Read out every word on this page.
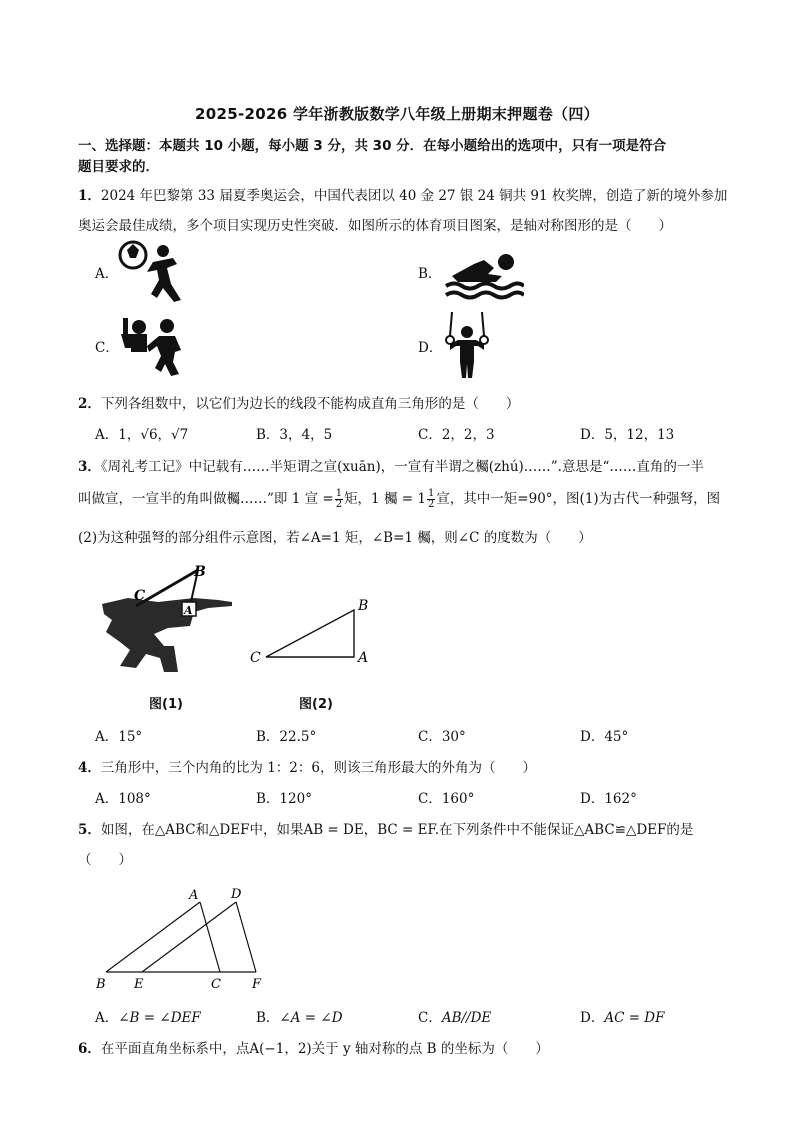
2025-2026 学年浙教版数学八年级上册期末押题卷（四）
一、选择题：本题共 10 小题，每小题 3 分，共 30 分．在每小题给出的选项中，只有一项是符合
题目要求的．
1．2024 年巴黎第 33 届夏季奥运会，中国代表团以 40 金 27 银 24 铜共 91 枚奖牌，创造了新的境外参加
奥运会最佳成绩，多个项目实现历史性突破．如图所示的体育项目图案，是轴对称图形的是（　　）
A．	B．
C．	D．
2．下列各组数中，以它们为边长的线段不能构成直角三角形的是（　　）
A．1，√6，√7	B．3，4，5	C．2，2，3	D．5，12，13
3．《周礼考工记》中记载有……半矩谓之宣(xuān)，一宣有半谓之欘(zhú)……”.意思是“……直角的一半
叫做宣，一宣半的角叫做欘……”即 1 宣 = $\frac{1}{2}$ 矩，1 欘 = $1 \frac{1}{2}$ 宣，其中一矩=90°，图(1)为古代一种强弩，图
(2)为这种强弩的部分组件示意图，若∠A=1 矩，∠B=1 欘，则∠C 的度数为（　　）
C
B
A
图(1)
C
B
A
图(2)
A．15°	B．22.5°	C．30°	D．45°
4．三角形中，三个内角的比为 1：2：6，则该三角形最大的外角为（　　）
A．108°	B．120°	C．160°	D．162°
5．如图，在△ABC和△DEF中，如果AB = DE，BC = EF.在下列条件中不能保证△ABC≌△DEF的是
（　　）
A	D
B E	C F
A．∠B = ∠DEF	B．∠A = ∠D	C．AB//DE	D．AC = DF
6．在平面直角坐标系中，点A(−1，2)关于 y 轴对称的点 B 的坐标为（　　）
